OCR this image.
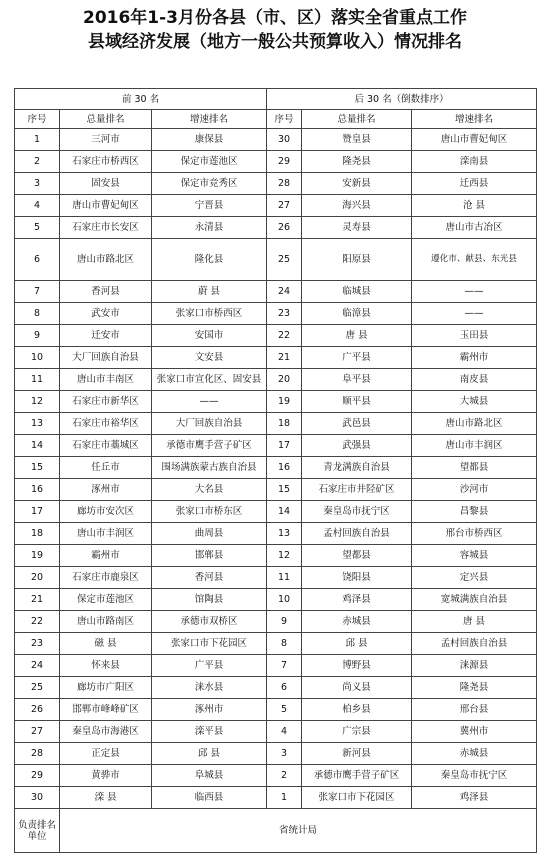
2016年1-3月份各县（市、区）落实全省重点工作
县域经济发展（地方一般公共预算收入）情况排名
前 30 名			后 30 名（倒数排序）		
序号	总量排名	增速排名	序号	总量排名	增速排名
1	三河市	康保县	30	赞皇县	唐山市曹妃甸区
2	石家庄市桥西区	保定市莲池区	29	隆尧县	滦南县
3	固安县	保定市竞秀区	28	安新县	迁西县
4	唐山市曹妃甸区	宁晋县	27	海兴县	沧 县
5	石家庄市长安区	永清县	26	灵寿县	唐山市古冶区
6	唐山市路北区	隆化县	25	阳原县	遵化市、献县、东光县
7	香河县	蔚 县	24	临城县	——
8	武安市	张家口市桥西区	23	临漳县	——
9	迁安市	安国市	22	唐 县	玉田县
10	大厂回族自治县	文安县	21	广平县	霸州市
11	唐山市丰南区	张家口市宣化区、固安县	20	阜平县	南皮县
12	石家庄市新华区	——	19	顺平县	大城县
13	石家庄市裕华区	大厂回族自治县	18	武邑县	唐山市路北区
14	石家庄市藁城区	承德市鹰手营子矿区	17	武强县	唐山市丰润区
15	任丘市	围场满族蒙古族自治县	16	青龙满族自治县	望都县
16	涿州市	大名县	15	石家庄市井陉矿区	沙河市
17	廊坊市安次区	张家口市桥东区	14	秦皇岛市抚宁区	昌黎县
18	唐山市丰润区	曲周县	13	孟村回族自治县	邢台市桥西区
19	霸州市	邯郸县	12	望都县	容城县
20	石家庄市鹿泉区	香河县	11	饶阳县	定兴县
21	保定市莲池区	馆陶县	10	鸡泽县	宽城满族自治县
22	唐山市路南区	承德市双桥区	9	赤城县	唐 县
23	磁 县	张家口市下花园区	8	邱 县	孟村回族自治县
24	怀来县	广平县	7	博野县	涞源县
25	廊坊市广阳区	涞水县	6	尚义县	隆尧县
26	邯郸市峰峰矿区	涿州市	5	柏乡县	邢台县
27	秦皇岛市海港区	滦平县	4	广宗县	冀州市
28	正定县	邱 县	3	新河县	赤城县
29	黄骅市	阜城县	2	承德市鹰手营子矿区	秦皇岛市抚宁区
30	滦 县	临西县	1	张家口市下花园区	鸡泽县
负责排名单位	省统计局				
